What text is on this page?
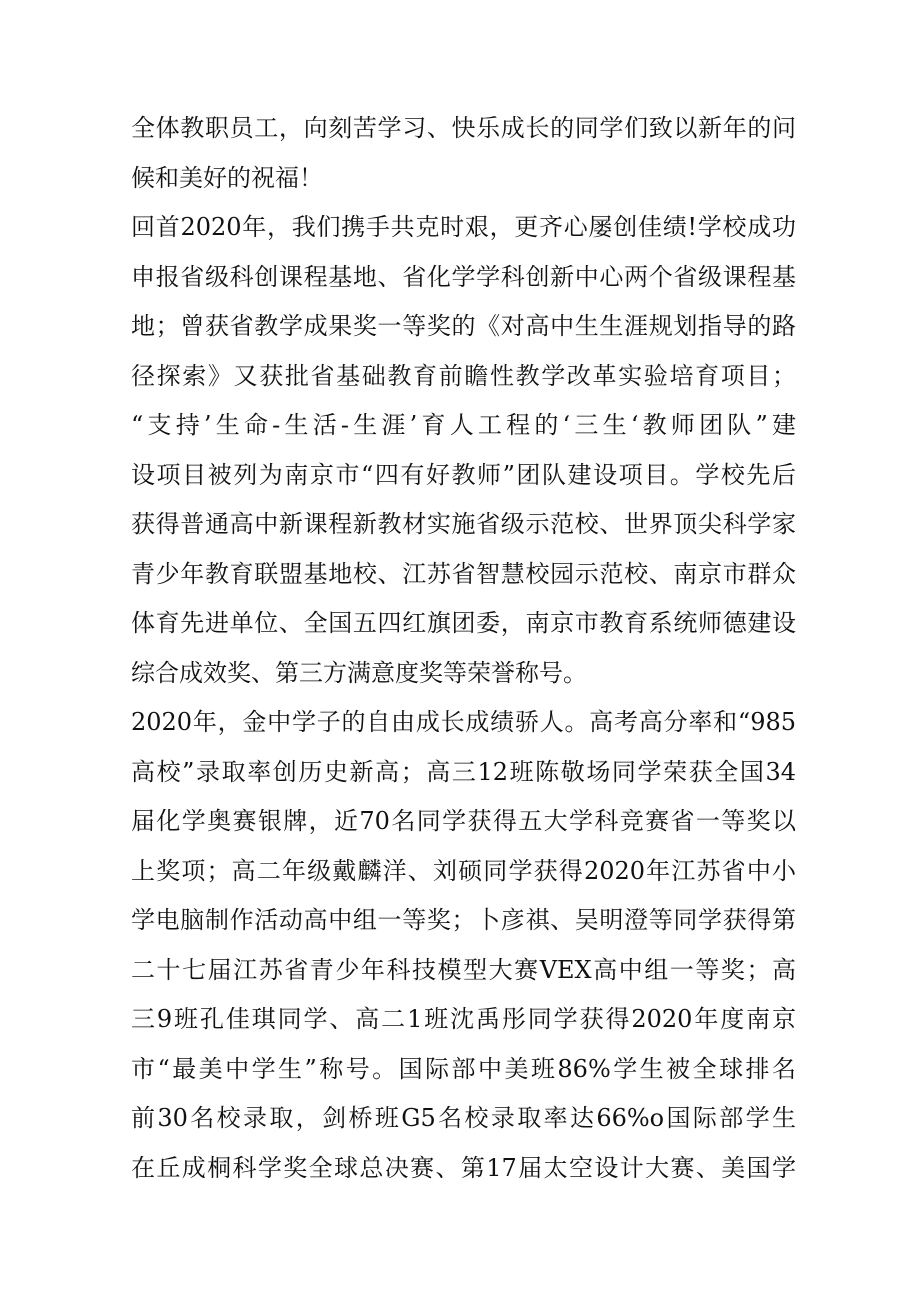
全体教职员工，向刻苦学习、快乐成长的同学们致以新年的问
候和美好的祝福！
回首2020年，我们携手共克时艰，更齐心屡创佳绩!学校成功
申报省级科创课程基地、省化学学科创新中心两个省级课程基
地；曾获省教学成果奖一等奖的《对高中生生涯规划指导的路
径探索》又获批省基础教育前瞻性教学改革实验培育项目；
“支持’生命-生活-生涯’育人工程的‘三生‘教师团队”建
设项目被列为南京市“四有好教师”团队建设项目。学校先后
获得普通高中新课程新教材实施省级示范校、世界顶尖科学家
青少年教育联盟基地校、江苏省智慧校园示范校、南京市群众
体育先进单位、全国五四红旗团委，南京市教育系统师德建设
综合成效奖、第三方满意度奖等荣誉称号。
2020年，金中学子的自由成长成绩骄人。高考高分率和“985
高校”录取率创历史新高；高三12班陈敬场同学荣获全国34
届化学奥赛银牌，近70名同学获得五大学科竞赛省一等奖以
上奖项；高二年级戴麟洋、刘硕同学获得2020年江苏省中小
学电脑制作活动高中组一等奖；卜彦祺、吴明澄等同学获得第
二十七届江苏省青少年科技模型大赛VEX高中组一等奖；高
三9班孔佳琪同学、高二1班沈禹彤同学获得2020年度南京
市“最美中学生”称号。国际部中美班86%学生被全球排名
前30名校录取，剑桥班G5名校录取率达66%o国际部学生
在丘成桐科学奖全球总决赛、第17届太空设计大赛、美国学
